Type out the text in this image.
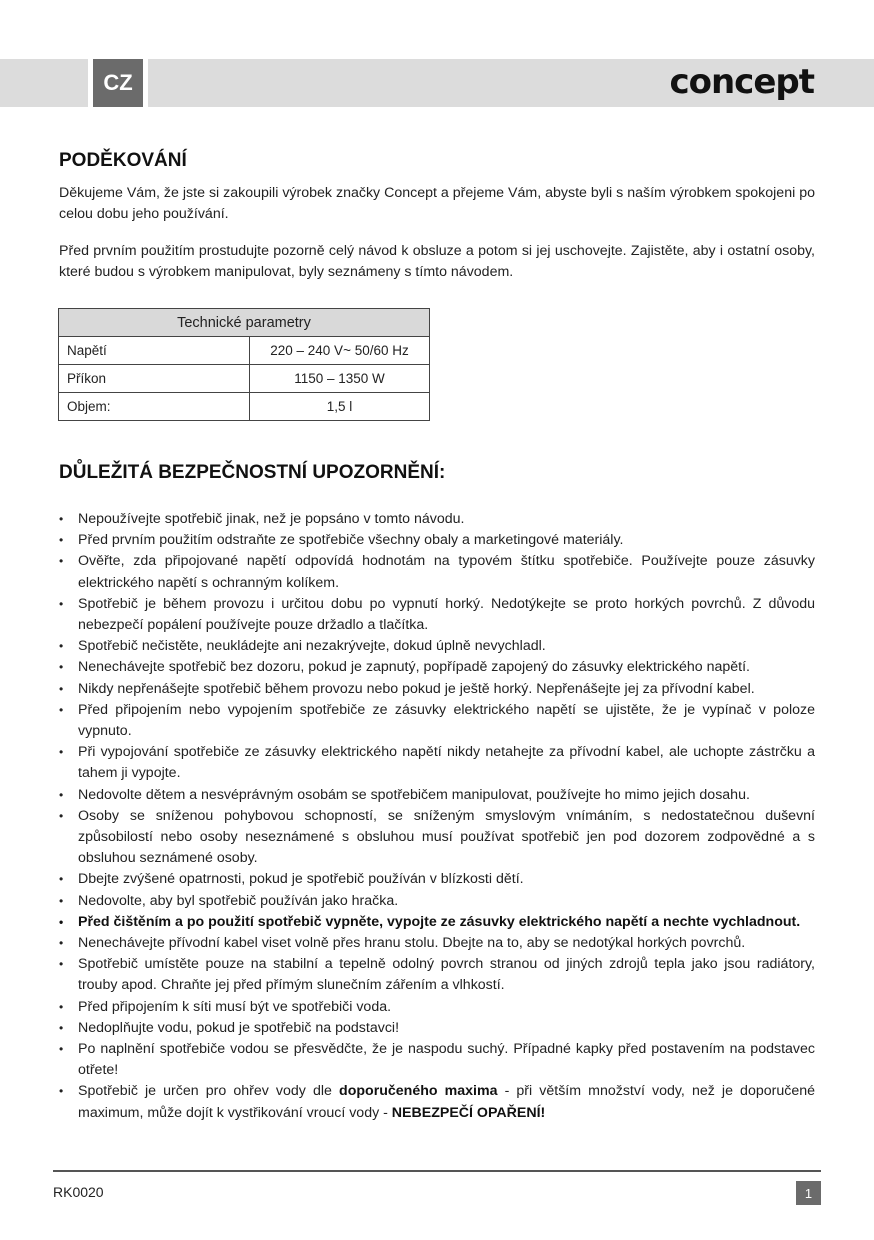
CZ	concept
PODĚKOVÁNÍ

Děkujeme Vám, že jste si zakoupili výrobek značky Concept a přejeme Vám, abyste byli s naším výrobkem spokojeni po celou dobu jeho používání.

Před prvním použitím prostudujte pozorně celý návod k obsluze a potom si jej uschovejte. Zajistěte, aby i ostatní osoby, které budou s výrobkem manipulovat, byly seznámeny s tímto návodem.

Technické parametry	
Napětí	220 – 240 V~ 50/60 Hz
Příkon	1150 – 1350 W
Objem:	1,5 l
DŮLEŽITÁ BEZPEČNOSTNÍ UPOZORNĚNÍ:
• Nepoužívejte spotřebič jinak, než je popsáno v tomto návodu.
• Před prvním použitím odstraňte ze spotřebiče všechny obaly a marketingové materiály.
• Ověřte, zda připojované napětí odpovídá hodnotám na typovém štítku spotřebiče. Používejte pouze zásuvky elektrického napětí s ochranným kolíkem.
• Spotřebič je během provozu i určitou dobu po vypnutí horký. Nedotýkejte se proto horkých povrchů. Z důvodu nebezpečí popálení používejte pouze držadlo a tlačítka.
• Spotřebič nečistěte, neukládejte ani nezakrývejte, dokud úplně nevychladl.
• Nenechávejte spotřebič bez dozoru, pokud je zapnutý, popřípadě zapojený do zásuvky elektrického napětí.
• Nikdy nepřenášejte spotřebič během provozu nebo pokud je ještě horký. Nepřenášejte jej za přívodní kabel.
• Před připojením nebo vypojením spotřebiče ze zásuvky elektrického napětí se ujistěte, že je vypínač v poloze vypnuto.
• Při vypojování spotřebiče ze zásuvky elektrického napětí nikdy netahejte za přívodní kabel, ale uchopte zástrčku a tahem ji vypojte.
• Nedovolte dětem a nesvéprávným osobám se spotřebičem manipulovat, používejte ho mimo jejich dosahu.
• Osoby se sníženou pohybovou schopností, se sníženým smyslovým vnímáním, s nedostatečnou duševní způsobilostí nebo osoby neseznámené s obsluhou musí používat spotřebič jen pod dozorem zodpovědné a s obsluhou seznámené osoby.
• Dbejte zvýšené opatrnosti, pokud je spotřebič používán v blízkosti dětí.
• Nedovolte, aby byl spotřebič používán jako hračka.
• Před čištěním a po použití spotřebič vypněte, vypojte ze zásuvky elektrického napětí a nechte vychladnout.
• Nenechávejte přívodní kabel viset volně přes hranu stolu. Dbejte na to, aby se nedotýkal horkých povrchů.
• Spotřebič umístěte pouze na stabilní a tepelně odolný povrch stranou od jiných zdrojů tepla jako jsou radiátory, trouby apod. Chraňte jej před přímým slunečním zářením a vlhkostí.
• Před připojením k síti musí být ve spotřebiči voda.
• Nedoplňujte vodu, pokud je spotřebič na podstavci!
• Po naplnění spotřebiče vodou se přesvědčte, že je naspodu suchý. Případné kapky před postavením na podstavec otřete!
• Spotřebič je určen pro ohřev vody dle doporučeného maxima - při větším množství vody, než je doporučené maximum, může dojít k vystřikování vroucí vody - NEBEZPEČÍ OPAŘENÍ!
RK0020	1
